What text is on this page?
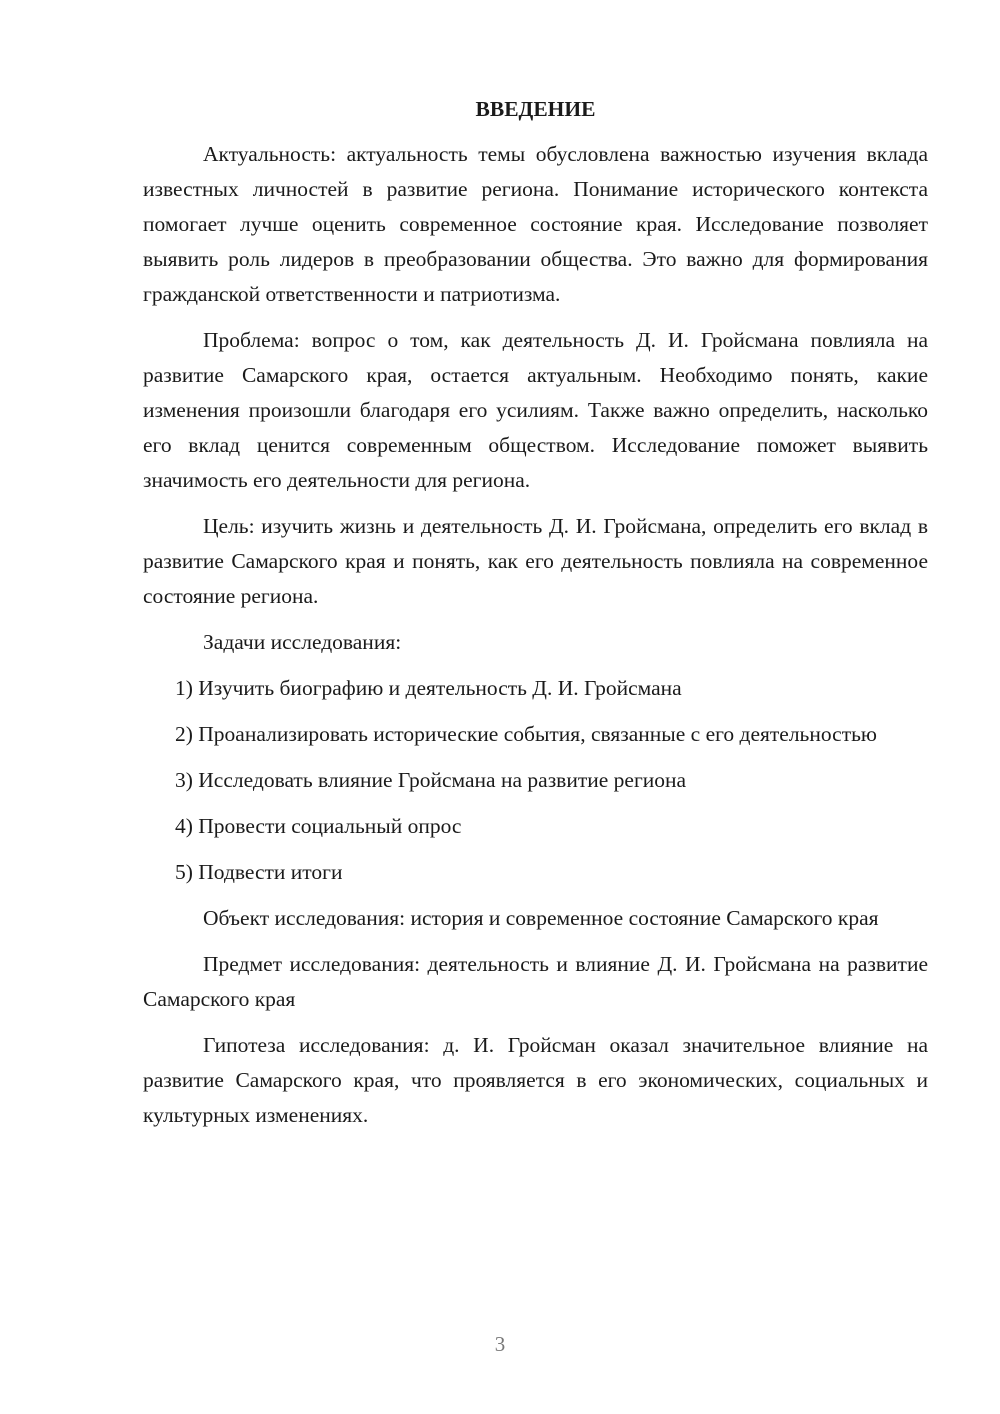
ВВЕДЕНИЕ

Актуальность: актуальность темы обусловлена важностью изучения вклада известных личностей в развитие региона. Понимание исторического контекста помогает лучше оценить современное состояние края. Исследование позволяет выявить роль лидеров в преобразовании общества. Это важно для формирования гражданской ответственности и патриотизма.

Проблема: вопрос о том, как деятельность Д. И. Гройсмана повлияла на развитие Самарского края, остается актуальным. Необходимо понять, какие изменения произошли благодаря его усилиям. Также важно определить, насколько его вклад ценится современным обществом. Исследование поможет выявить значимость его деятельности для региона.

Цель: изучить жизнь и деятельность Д. И. Гройсмана, определить его вклад в развитие Самарского края и понять, как его деятельность повлияла на современное состояние региона.

Задачи исследования:

1) Изучить биографию и деятельность Д. И. Гройсмана

2) Проанализировать исторические события, связанные с его деятельностью

3) Исследовать влияние Гройсмана на развитие региона

4) Провести социальный опрос

5) Подвести итоги

Объект исследования: история и современное состояние Самарского края

Предмет исследования: деятельность и влияние Д. И. Гройсмана на развитие Самарского края

Гипотеза исследования: д. И. Гройсман оказал значительное влияние на развитие Самарского края, что проявляется в его экономических, социальных и культурных изменениях.

3
